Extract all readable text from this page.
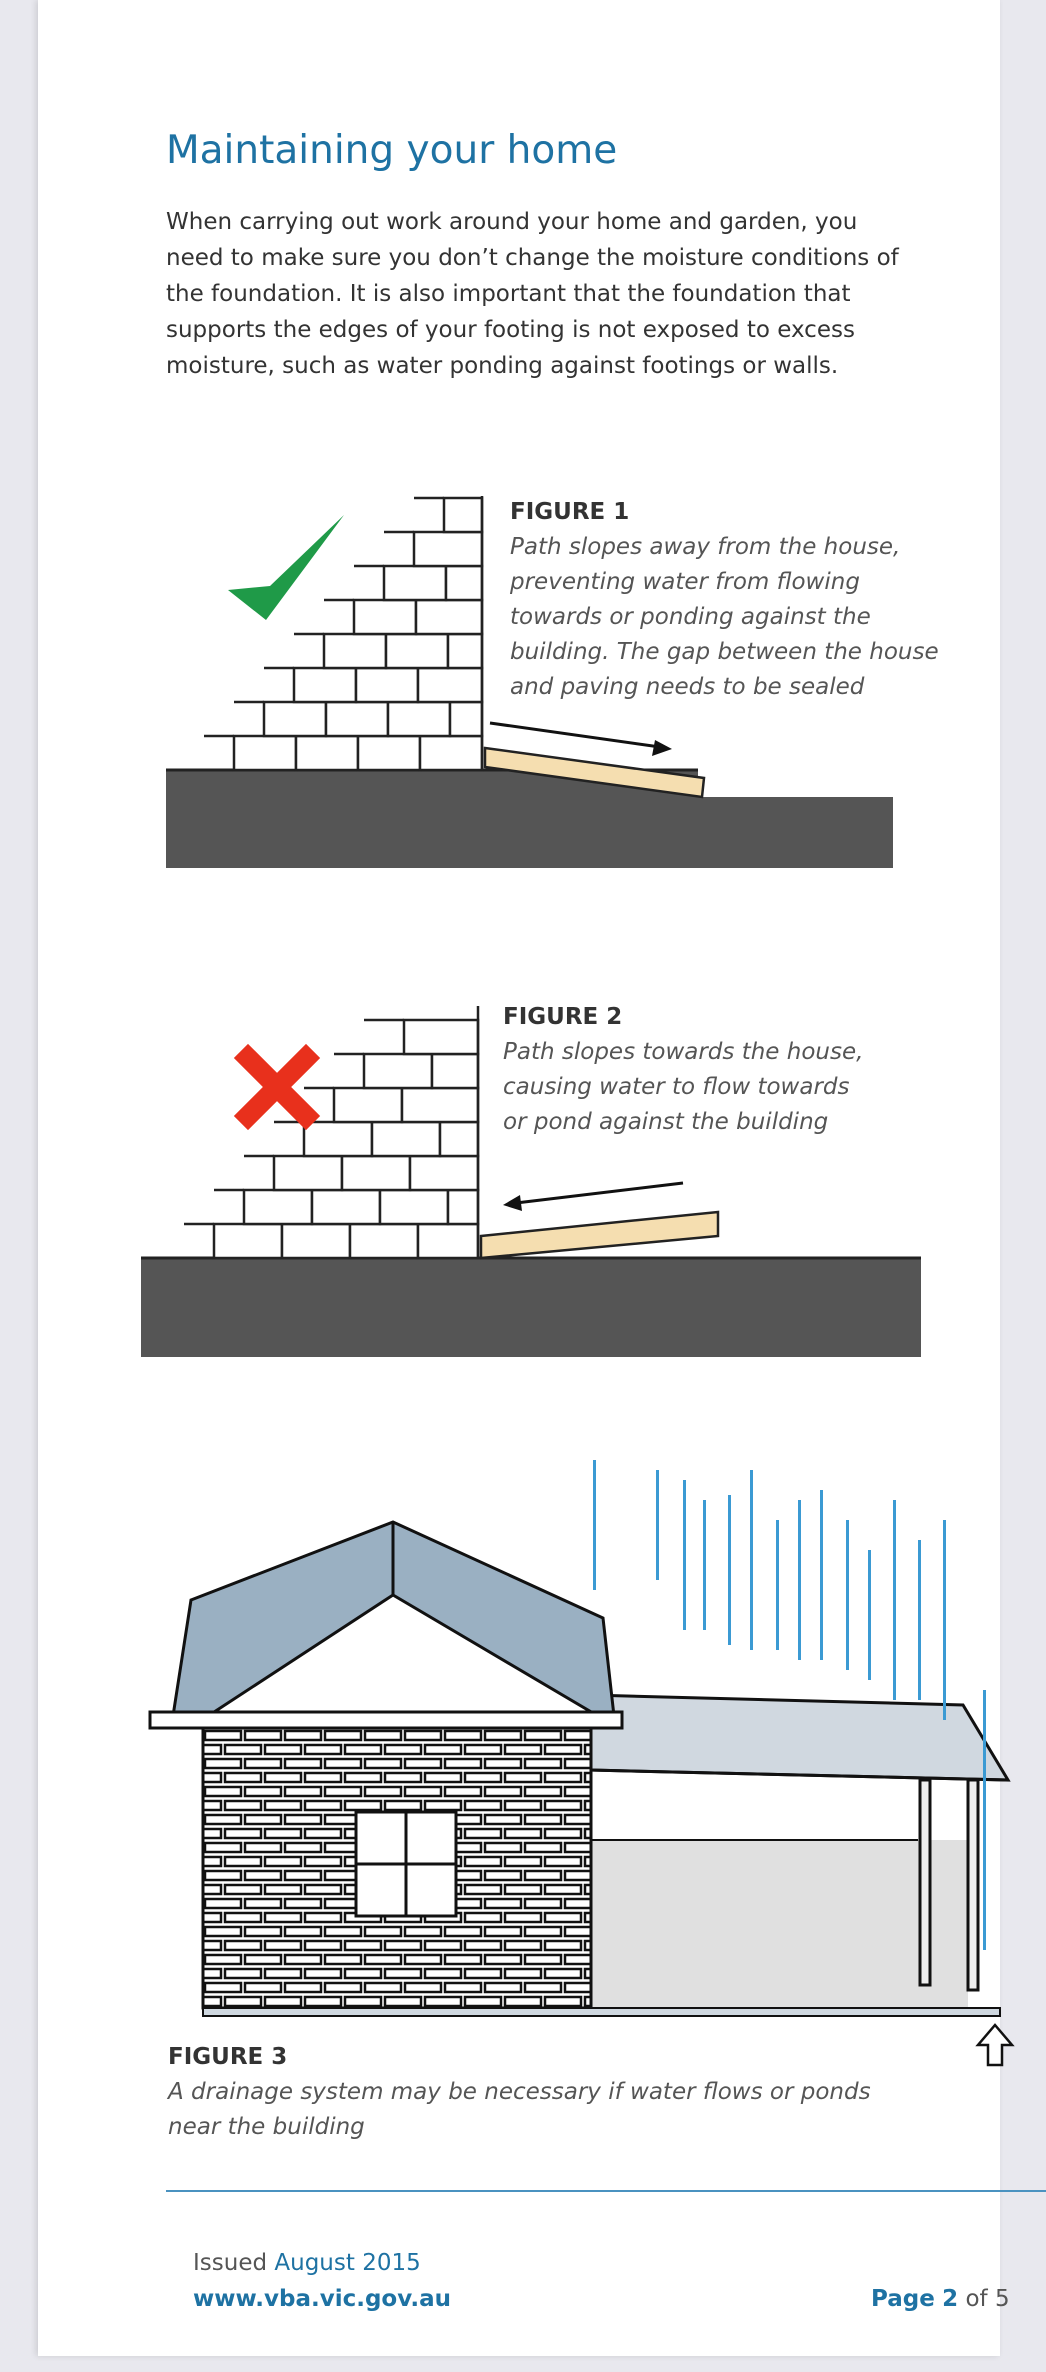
Maintaining your home

When carrying out work around your home and garden, you
need to make sure you don’t change the moisture conditions of
the foundation. It is also important that the foundation that
supports the edges of your footing is not exposed to excess
moisture, such as water ponding against footings or walls.

FIGURE 1
Path slopes away from the house,
preventing water from flowing
towards or ponding against the
building. The gap between the house
and paving needs to be sealed
FIGURE 2
Path slopes towards the house,
causing water to flow towards
or pond against the building
FIGURE 3
A drainage system may be necessary if water flows or ponds
near the building
Issued August 2015
www.vba.vic.gov.au	Page 2 of 5
